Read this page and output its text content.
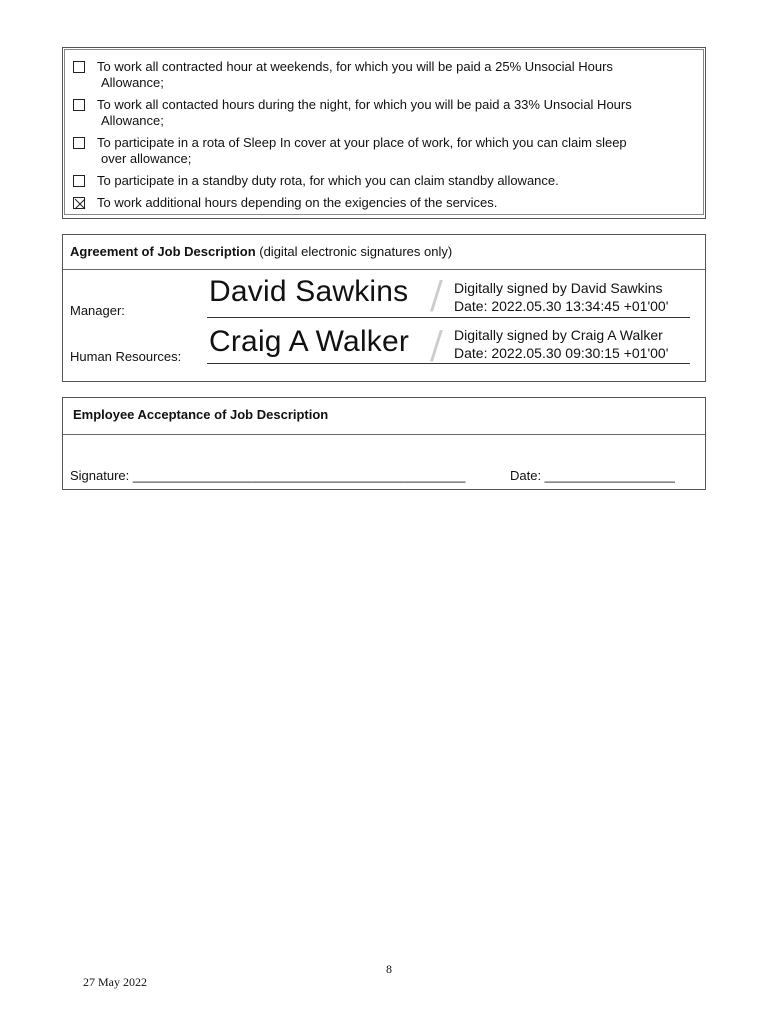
To work all contracted hour at weekends, for which you will be paid a 25% Unsocial Hours
Allowance;
To work all contacted hours during the night, for which you will be paid a 33% Unsocial Hours
Allowance;
To participate in a rota of Sleep In cover at your place of work, for which you can claim sleep
over allowance;
To participate in a standby duty rota, for which you can claim standby allowance.
To work additional hours depending on the exigencies of the services.
Agreement of Job Description (digital electronic signatures only)
Manager:
David Sawkins / Digitally signed by David Sawkins
Date: 2022.05.30 13:34:45 +01'00'
Human Resources: Craig A Walker / Digitally signed by Craig A Walker
Date: 2022.05.30 09:30:15 +01'00'
Employee Acceptance of Job Description
Signature: ______________________________________________	Date: __________________
8
27 May 2022
